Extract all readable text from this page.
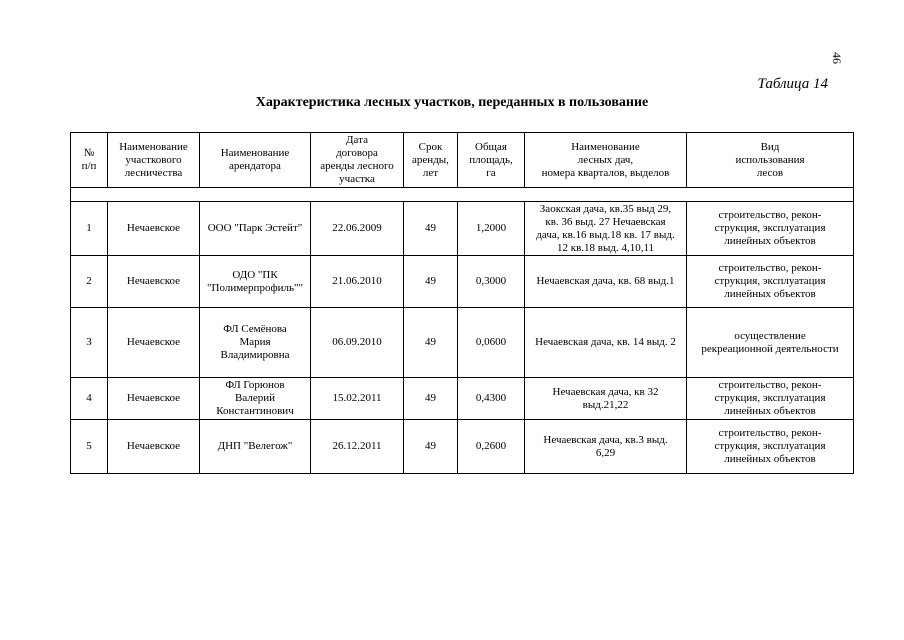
46
Таблица 14
Характеристика лесных участков, переданных в пользование
№
п/п	Наименование
участкового
лесничества	Наименование
арендатора	Дата
договора
аренды лесного
участка	Срок
аренды,
лет	Общая
площадь,
га	Наименование
лесных дач,
номера кварталов, выделов	Вид
использования
лесов

1	Нечаевское	ООО "Парк Эстейт"	22.06.2009	49	1,2000	Заокская дача, кв.35 выд 29,
кв. 36 выд. 27 Нечаевская
дача, кв.16 выд.18 кв. 17 выд.
12 кв.18 выд. 4,10,11	строительство, рекон-
струкция, эксплуатация
линейных объектов
2	Нечаевское	ОДО "ПК
"Полимерпрофиль""	21.06.2010	49	0,3000	Нечаевская дача, кв. 68 выд.1	строительство, рекон-
струкция, эксплуатация
линейных объектов
3	Нечаевское	ФЛ Семёнова
Мария
Владимировна	06.09.2010	49	0,0600	Нечаевская дача, кв. 14 выд. 2	осуществление
рекреационной деятельности
4	Нечаевское	ФЛ Горюнов
Валерий
Константинович	15.02.2011	49	0,4300	Нечаевская дача, кв 32
выд.21,22	строительство, рекон-
струкция, эксплуатация
линейных объектов
5	Нечаевское	ДНП "Велегож"	26.12.2011	49	0,2600	Нечаевская дача, кв.3 выд.
6,29	строительство, рекон-
струкция, эксплуатация
линейных объектов
